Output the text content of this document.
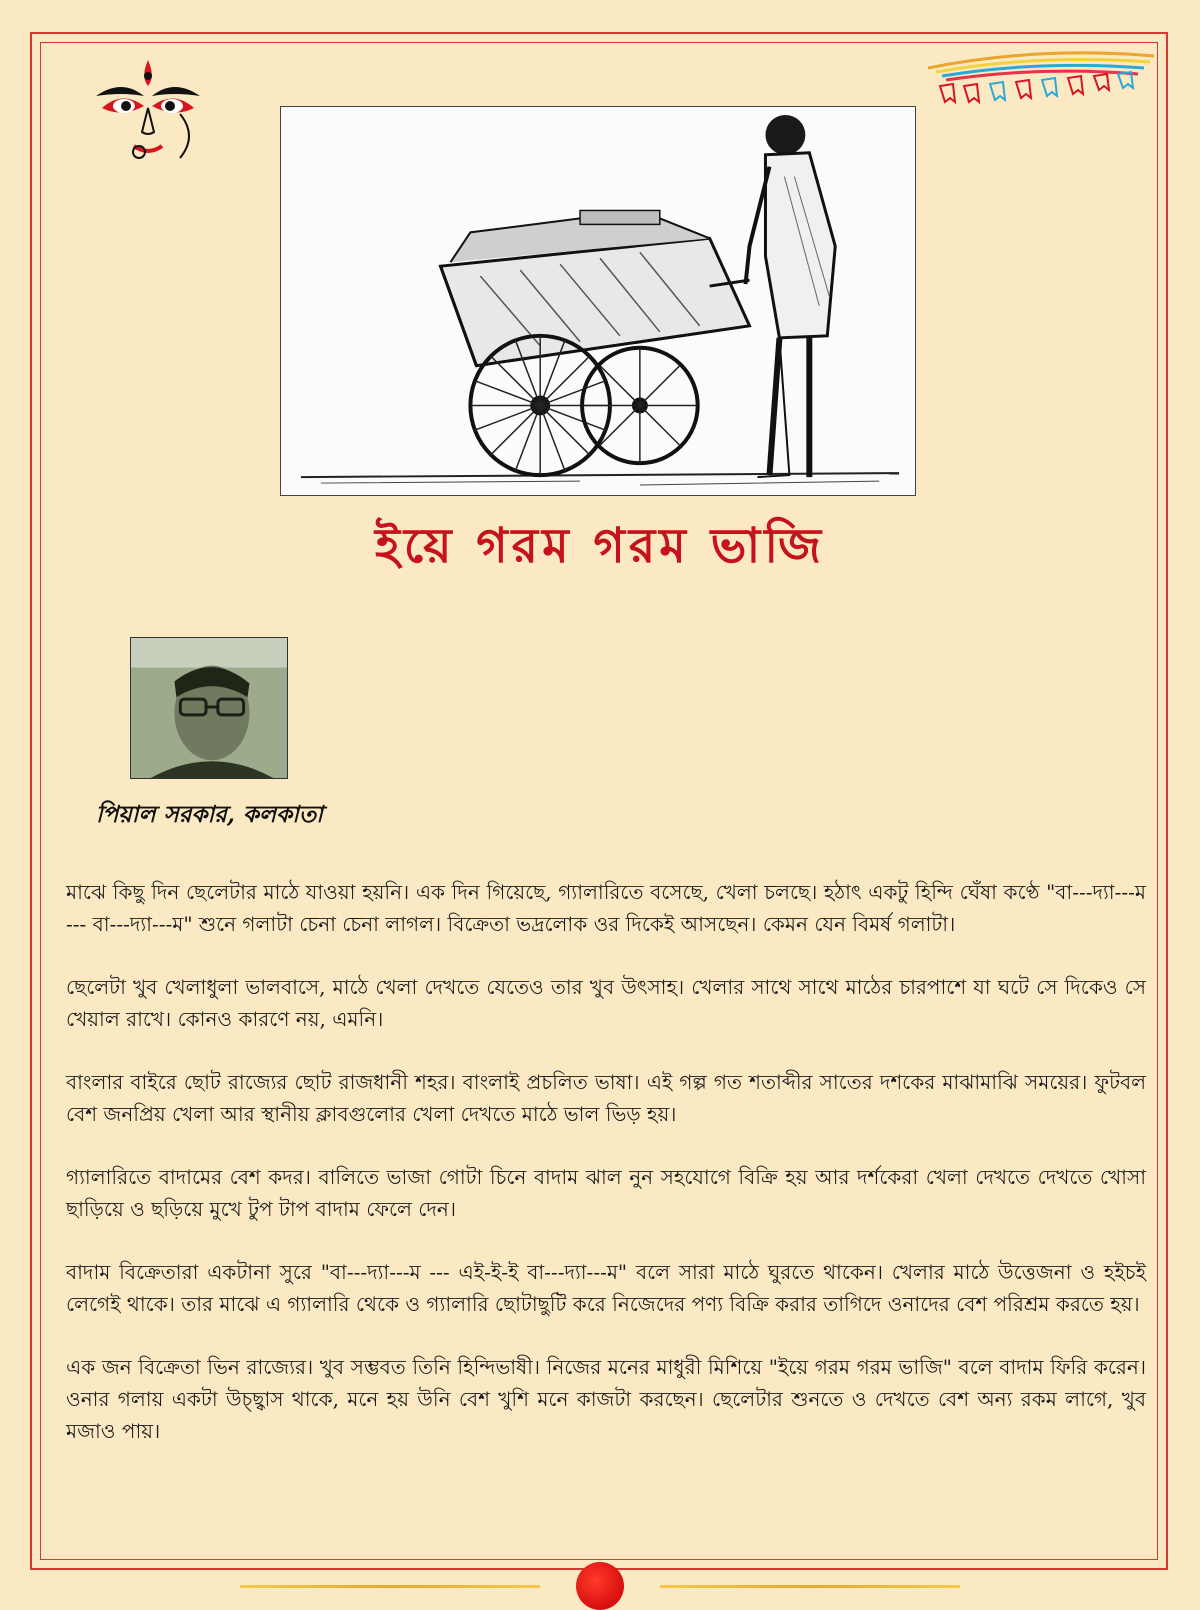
ইয়ে গরম গরম ভাজি

পিয়াল সরকার, কলকাতা

মাঝে কিছু দিন ছেলেটার মাঠে যাওয়া হয়নি। এক দিন গিয়েছে, গ্যালারিতে বসেছে, খেলা চলছে। হঠাৎ একটু হিন্দি ঘেঁষা কণ্ঠে "বা---দ্যা---ম --- বা---দ্যা---ম" শুনে গলাটা চেনা চেনা লাগল। বিক্রেতা ভদ্রলোক ওর দিকেই আসছেন। কেমন যেন বিমর্ষ গলাটা।

ছেলেটা খুব খেলাধুলা ভালবাসে, মাঠে খেলা দেখতে যেতেও তার খুব উৎসাহ। খেলার সাথে সাথে মাঠের চারপাশে যা ঘটে সে দিকেও সে খেয়াল রাখে। কোনও কারণে নয়, এমনি।

বাংলার বাইরে ছোট রাজ্যের ছোট রাজধানী শহর। বাংলাই প্রচলিত ভাষা। এই গল্প গত শতাব্দীর সাতের দশকের মাঝামাঝি সময়ের। ফুটবল বেশ জনপ্রিয় খেলা আর স্থানীয় ক্লাবগুলোর খেলা দেখতে মাঠে ভাল ভিড় হয়।

গ্যালারিতে বাদামের বেশ কদর। বালিতে ভাজা গোটা চিনে বাদাম ঝাল নুন সহযোগে বিক্রি হয় আর দর্শকেরা খেলা দেখতে দেখতে খোসা ছাড়িয়ে ও ছড়িয়ে মুখে টুপ টাপ বাদাম ফেলে দেন।

বাদাম বিক্রেতারা একটানা সুরে "বা---দ্যা---ম --- এই-ই-ই বা---দ্যা---ম" বলে সারা মাঠে ঘুরতে থাকেন। খেলার মাঠে উত্তেজনা ও হইচই লেগেই থাকে। তার মাঝে এ গ্যালারি থেকে ও গ্যালারি ছোটাছুটি করে নিজেদের পণ্য বিক্রি করার তাগিদে ওনাদের বেশ পরিশ্রম করতে হয়।

এক জন বিক্রেতা ভিন রাজ্যের। খুব সম্ভবত তিনি হিন্দিভাষী। নিজের মনের মাধুরী মিশিয়ে "ইয়ে গরম গরম ভাজি" বলে বাদাম ফিরি করেন। ওনার গলায় একটা উচ্ছ্বাস থাকে, মনে হয় উনি বেশ খুশি মনে কাজটা করছেন। ছেলেটার শুনতে ও দেখতে বেশ অন্য রকম লাগে, খুব মজাও পায়।
